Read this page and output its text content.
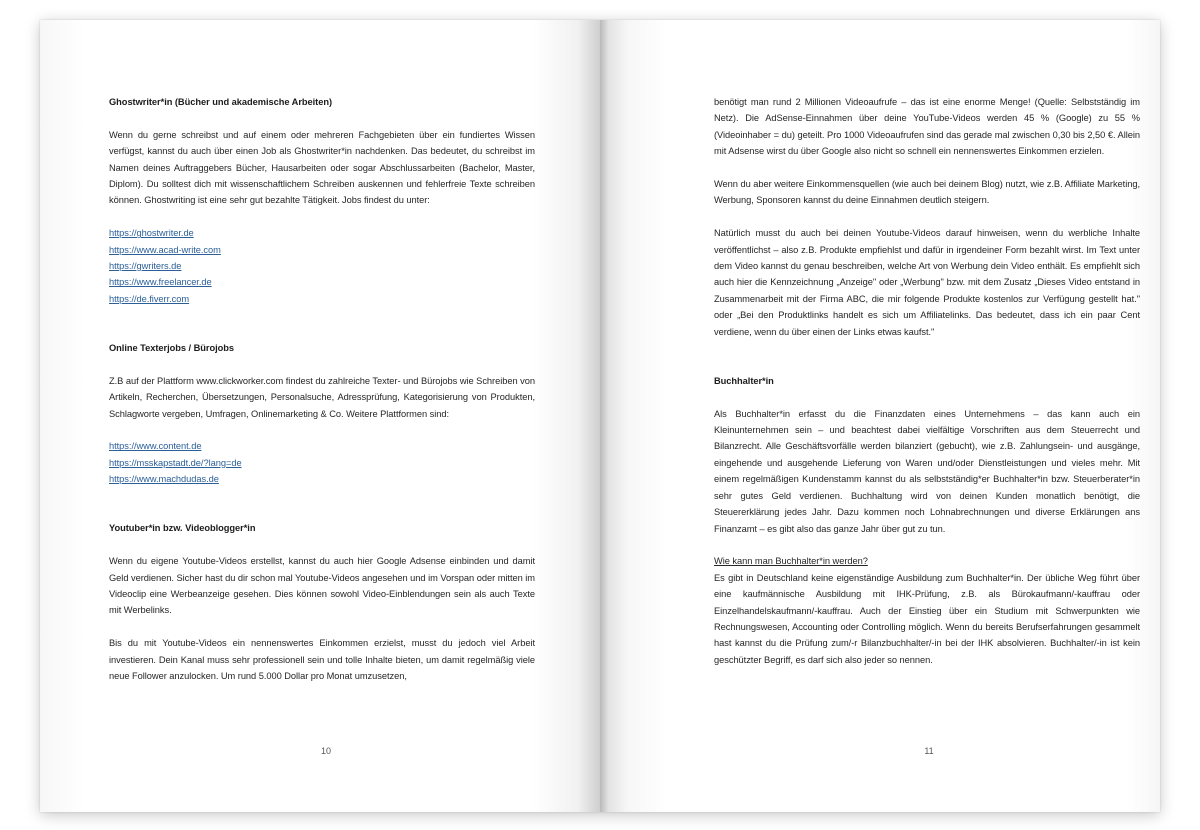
Ghostwriter*in (Bücher und akademische Arbeiten)

Wenn du gerne schreibst und auf einem oder mehreren Fachgebieten über ein fundiertes Wissen verfügst, kannst du auch über einen Job als Ghostwriter*in nachdenken. Das bedeutet, du schreibst im Namen deines Auftraggebers Bücher, Hausarbeiten oder sogar Abschlussarbeiten (Bachelor, Master, Diplom). Du solltest dich mit wissenschaftlichem Schreiben auskennen und fehlerfreie Texte schreiben können. Ghostwriting ist eine sehr gut bezahlte Tätigkeit. Jobs findest du unter:

https://ghostwriter.de
https://www.acad-write.com
https://gwriters.de
https://www.freelancer.de
https://de.fiverr.com

Online Texterjobs / Bürojobs

Z.B auf der Plattform www.clickworker.com findest du zahlreiche Texter- und Bürojobs wie Schreiben von Artikeln, Recherchen, Übersetzungen, Personalsuche, Adressprüfung, Kategorisierung von Produkten, Schlagworte vergeben, Umfragen, Onlinemarketing & Co. Weitere Plattformen sind:

https://www.content.de
https://msskapstadt.de/?lang=de
https://www.machdudas.de

Youtuber*in bzw. Videoblogger*in

Wenn du eigene Youtube-Videos erstellst, kannst du auch hier Google Adsense einbinden und damit Geld verdienen. Sicher hast du dir schon mal Youtube-Videos angesehen und im Vorspan oder mitten im Videoclip eine Werbeanzeige gesehen. Dies können sowohl Video-Einblendungen sein als auch Texte mit Werbelinks.

Bis du mit Youtube-Videos ein nennenswertes Einkommen erzielst, musst du jedoch viel Arbeit investieren. Dein Kanal muss sehr professionell sein und tolle Inhalte bieten, um damit regelmäßig viele neue Follower anzulocken. Um rund 5.000 Dollar pro Monat umzusetzen,

10

benötigt man rund 2 Millionen Videoaufrufe – das ist eine enorme Menge! (Quelle: Selbstständig im Netz). Die AdSense-Einnahmen über deine YouTube-Videos werden 45 % (Google) zu 55 % (Videoinhaber = du) geteilt. Pro 1000 Videoaufrufen sind das gerade mal zwischen 0,30 bis 2,50 €. Allein mit Adsense wirst du über Google also nicht so schnell ein nennenswertes Einkommen erzielen.

Wenn du aber weitere Einkommensquellen (wie auch bei deinem Blog) nutzt, wie z.B. Affiliate Marketing, Werbung, Sponsoren kannst du deine Einnahmen deutlich steigern.

Natürlich musst du auch bei deinen Youtube-Videos darauf hinweisen, wenn du werbliche Inhalte veröffentlichst – also z.B. Produkte empfiehlst und dafür in irgendeiner Form bezahlt wirst. Im Text unter dem Video kannst du genau beschreiben, welche Art von Werbung dein Video enthält. Es empfiehlt sich auch hier die Kennzeichnung „Anzeige" oder „Werbung" bzw. mit dem Zusatz „Dieses Video entstand in Zusammenarbeit mit der Firma ABC, die mir folgende Produkte kostenlos zur Verfügung gestellt hat." oder „Bei den Produktlinks handelt es sich um Affiliatelinks. Das bedeutet, dass ich ein paar Cent verdiene, wenn du über einen der Links etwas kaufst."

Buchhalter*in

Als Buchhalter*in erfasst du die Finanzdaten eines Unternehmens – das kann auch ein Kleinunternehmen sein – und beachtest dabei vielfältige Vorschriften aus dem Steuerrecht und Bilanzrecht. Alle Geschäftsvorfälle werden bilanziert (gebucht), wie z.B. Zahlungsein- und ausgänge, eingehende und ausgehende Lieferung von Waren und/oder Dienstleistungen und vieles mehr. Mit einem regelmäßigen Kundenstamm kannst du als selbstständig*er Buchhalter*in bzw. Steuerberater*in sehr gutes Geld verdienen. Buchhaltung wird von deinen Kunden monatlich benötigt, die Steuererklärung jedes Jahr. Dazu kommen noch Lohnabrechnungen und diverse Erklärungen ans Finanzamt – es gibt also das ganze Jahr über gut zu tun.

Wie kann man Buchhalter*in werden?

Es gibt in Deutschland keine eigenständige Ausbildung zum Buchhalter*in. Der übliche Weg führt über eine kaufmännische Ausbildung mit IHK-Prüfung, z.B. als Bürokaufmann/-kauffrau oder Einzelhandelskaufmann/-kauffrau. Auch der Einstieg über ein Studium mit Schwerpunkten wie Rechnungswesen, Accounting oder Controlling möglich. Wenn du bereits Berufserfahrungen gesammelt hast kannst du die Prüfung zum/-r Bilanzbuchhalter/-in bei der IHK absolvieren. Buchhalter/-in ist kein geschützter Begriff, es darf sich also jeder so nennen.

11
